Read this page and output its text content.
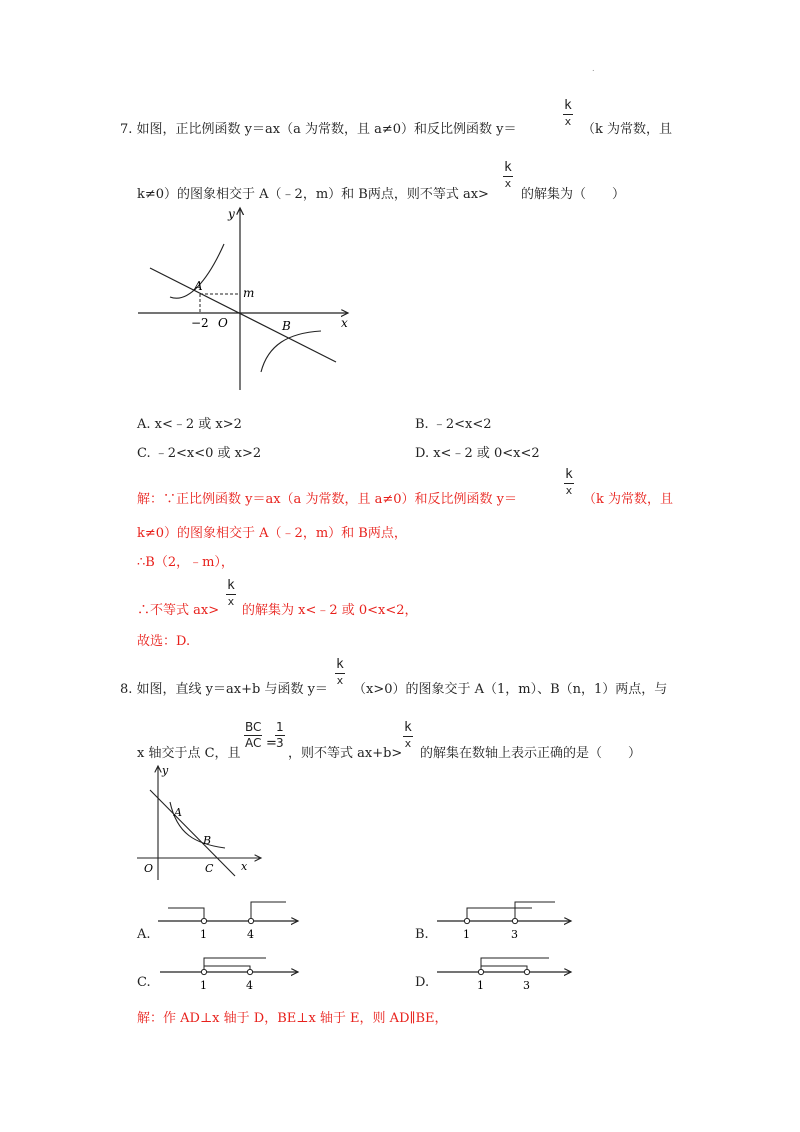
.
7. 如图，正比例函数 y＝ax（a 为常数，且 a≠0）和反比例函数 y＝
k
x
（k 为常数，且
k≠0）的图象相交于 A（﹣2，m）和 B两点，则不等式 ax>
k
x
的解集为（　　）
y
x
A
B
O
m
−2
A. x<﹣2 或 x>2	B. ﹣2<x<2
C. ﹣2<x<0 或 x>2	D. x<﹣2 或 0<x<2
解：∵正比例函数 y＝ax（a 为常数，且 a≠0）和反比例函数 y＝
k
x
（k 为常数，且
k≠0）的图象相交于 A（﹣2，m）和 B两点，
∴B（2，﹣m），
∴不等式 ax>
k
x
的解集为 x<﹣2 或 0<x<2，
故选：D.
8. 如图，直线 y＝ax+b 与函数 y＝
k
x
（x>0）的图象交于 A（1，m）、B（n，1）两点，与
x 轴交于点 C，且
BC
AC =
1
3
，则不等式 ax+b>
k
x
的解集在数轴上表示正确的是（　　）
y
x
A
B
O	C
A.	1	4	B.	1	3
C.	1	4	D.	1	3
解：作 AD⊥x 轴于 D，BE⊥x 轴于 E，则 AD∥BE，
